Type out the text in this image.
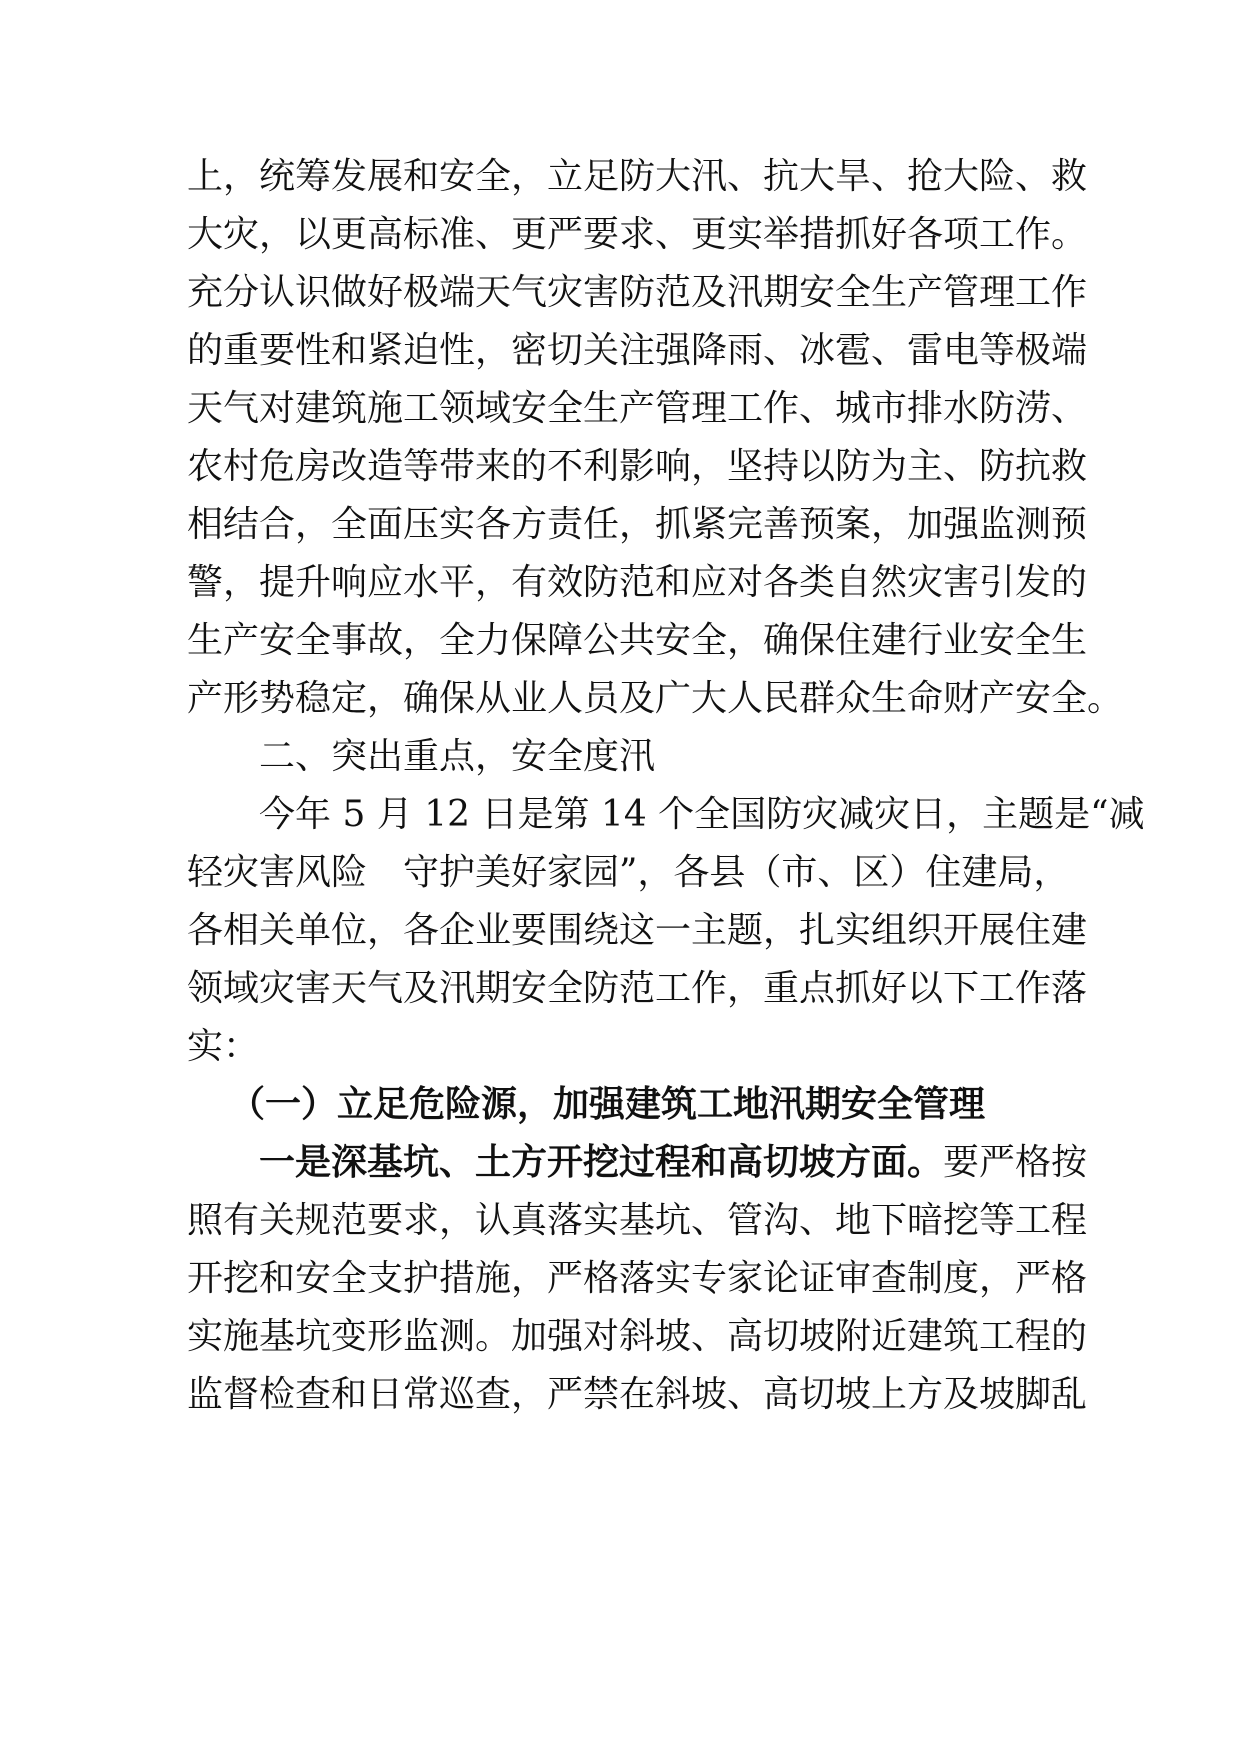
上，统筹发展和安全，立足防大汛、抗大旱、抢大险、救
大灾，以更高标准、更严要求、更实举措抓好各项工作。
充分认识做好极端天气灾害防范及汛期安全生产管理工作
的重要性和紧迫性，密切关注强降雨、冰雹、雷电等极端
天气对建筑施工领域安全生产管理工作、城市排水防涝、
农村危房改造等带来的不利影响，坚持以防为主、防抗救
相结合，全面压实各方责任，抓紧完善预案，加强监测预
警，提升响应水平，有效防范和应对各类自然灾害引发的
生产安全事故，全力保障公共安全，确保住建行业安全生
产形势稳定，确保从业人员及广大人民群众生命财产安全。
二、突出重点，安全度汛
今年 5 月 12 日是第 14 个全国防灾减灾日，主题是“减
轻灾害风险　守护美好家园”，各县（市、区）住建局，
各相关单位，各企业要围绕这一主题，扎实组织开展住建
领域灾害天气及汛期安全防范工作，重点抓好以下工作落
实：
（一）立足危险源，加强建筑工地汛期安全管理
一是深基坑、土方开挖过程和高切坡方面。要严格按
照有关规范要求，认真落实基坑、管沟、地下暗挖等工程
开挖和安全支护措施，严格落实专家论证审查制度，严格
实施基坑变形监测。加强对斜坡、高切坡附近建筑工程的
监督检查和日常巡查，严禁在斜坡、高切坡上方及坡脚乱
